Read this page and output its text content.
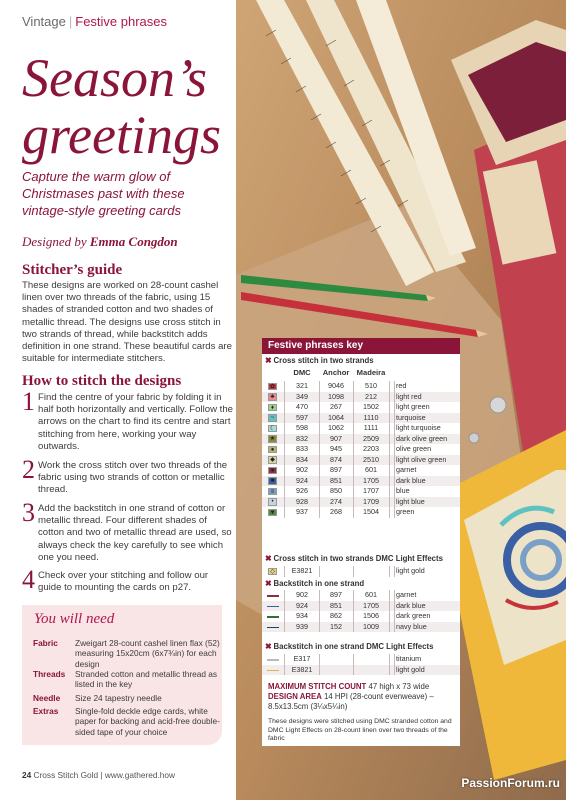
Vintage | Festive phrases
Season’s
greetings
Capture the warm glow of Christmases past with these vintage-style greeting cards
Designed by Emma Congdon
Stitcher’s guide
These designs are worked on 28-count cashel linen over two threads of the fabric, using 15 shades of stranded cotton and two shades of metallic thread. The designs use cross stitch in two strands of thread, while backstitch adds definition in one strand. These beautiful cards are suitable for intermediate stitchers.
How to stitch the designs
1 Find the centre of your fabric by folding it in half both horizontally and vertically. Follow the arrows on the chart to find its centre and start stitching from here, working your way outwards.
2 Work the cross stitch over two threads of the fabric using two strands of cotton or metallic thread.
3 Add the backstitch in one strand of cotton or metallic thread. Four different shades of cotton and two of metallic thread are used, so always check the key carefully to see which one you need.
4 Check over your stitching and follow our guide to mounting the cards on p27.
You will need
Fabric Zweigart 28-count cashel linen flax (52) measuring 15x20cm (6x7¾in) for each design
Threads Stranded cotton and metallic thread as listed in the key
Needle Size 24 tapestry needle
Extras Single-fold deckle edge cards, white paper for backing and acid-free double-sided tape of your choice
24 Cross Stitch Gold | www.gathered.how
PassionForum.ru
Festive phrases key
✖ Cross stitch in two strands
DMC	Anchor Madeira
✿	321	9046	510	red
♣	349	1098	212	light red
♦	470	267	1502	light green
~	597	1064	1110	turquoise
☾	598	1062	1111	light turquoise
★	832	907	2509	dark olive green
●	833	945	2203	olive green
◆	834	874	2510	light olive green
♥	902	897	601	garnet
■	924	851	1705	dark blue
≡	926	850	1707	blue
•	928	274	1709	light blue
▼	937	268	1504	green
✖ Cross stitch in two strands DMC Light Effects
◇	E3821	light gold
✖ Backstitch in one strand
902	897	601	garnet
924	851	1705	dark blue
934	862	1506	dark green
939	152	1009	navy blue
✖ Backstitch in one strand DMC Light Effects
E317	titanium
E3821	light gold
MAXIMUM STITCH COUNT 47 high x 73 wide
DESIGN AREA 14 HPI (28-count evenweave) – 8.5x13.5cm (3¼x5¼in)
These designs were stitched using DMC stranded cotton and DMC Light Effects on 28-count linen over two threads of the fabric
